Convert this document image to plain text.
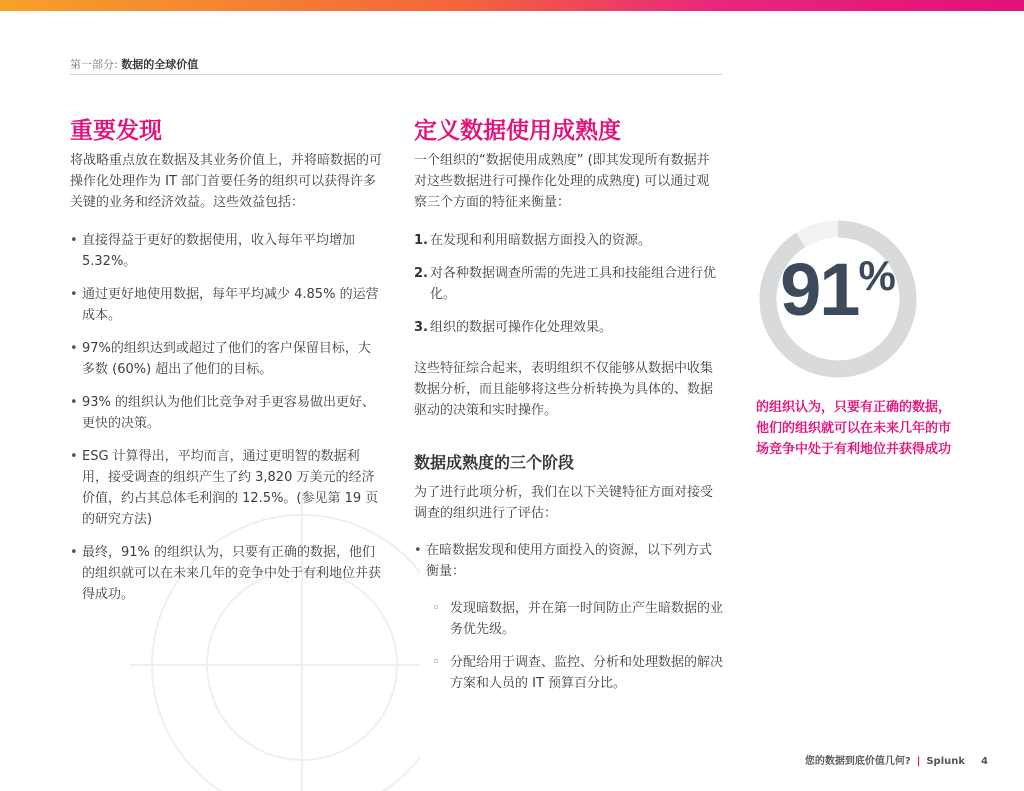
第一部分: 数据的全球价值
重要发现
将战略重点放在数据及其业务价值上，并将暗数据的可操作化处理作为 IT 部门首要任务的组织可以获得许多关键的业务和经济效益。这些效益包括：
• 直接得益于更好的数据使用，收入每年平均增加 5.32%。
• 通过更好地使用数据，每年平均减少 4.85% 的运营成本。
• 97%的组织达到或超过了他们的客户保留目标，大多数 (60%) 超出了他们的目标。
• 93% 的组织认为他们比竞争对手更容易做出更好、更快的决策。
• ESG 计算得出，平均而言，通过更明智的数据利用，接受调查的组织产生了约 3,820 万美元的经济价值，约占其总体毛利润的 12.5%。(参见第 19 页的研究方法)
• 最终，91% 的组织认为，只要有正确的数据，他们的组织就可以在未来几年的竞争中处于有利地位并获得成功。
定义数据使用成熟度
一个组织的“数据使用成熟度” (即其发现所有数据并对这些数据进行可操作化处理的成熟度) 可以通过观察三个方面的特征来衡量：
1. 在发现和利用暗数据方面投入的资源。
2. 对各种数据调查所需的先进工具和技能组合进行优化。
3. 组织的数据可操作化处理效果。
这些特征综合起来，表明组织不仅能够从数据中收集数据分析，而且能够将这些分析转换为具体的、数据驱动的决策和实时操作。
数据成熟度的三个阶段
为了进行此项分析，我们在以下关键特征方面对接受调查的组织进行了评估：
• 在暗数据发现和使用方面投入的资源，以下列方式衡量：
◦ 发现暗数据，并在第一时间防止产生暗数据的业务优先级。
◦ 分配给用于调查、监控、分析和处理数据的解决方案和人员的 IT 预算百分比。
91%
的组织认为，只要有正确的数据，他们的组织就可以在未来几年的市场竞争中处于有利地位并获得成功
您的数据到底价值几何? | Splunk 4
